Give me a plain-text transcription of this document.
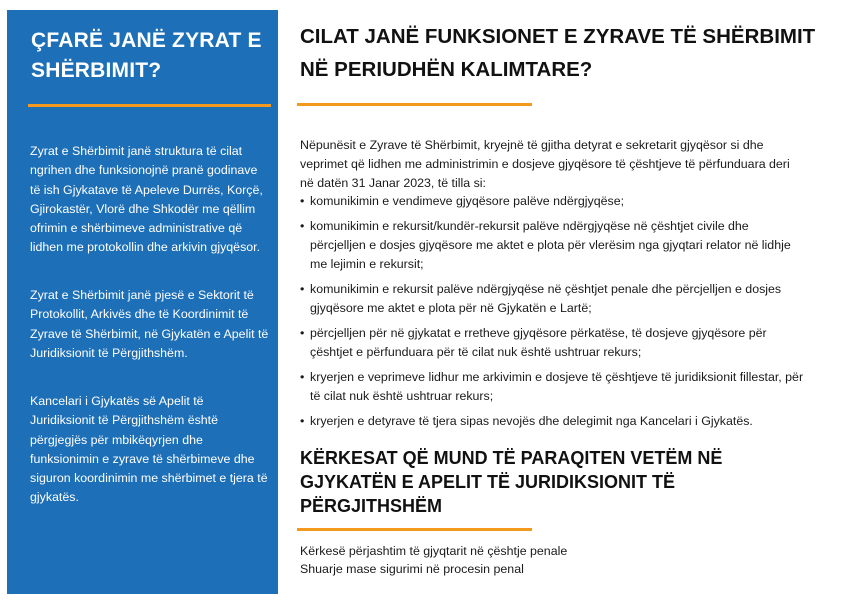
ÇFARË JANË ZYRAT E SHËRBIMIT?

Zyrat e Shërbimit janë struktura të cilat ngrihen dhe funksionojnë pranë godinave të ish Gjykatave të Apeleve Durrës, Korçë, Gjirokastër, Vlorë dhe Shkodër me qëllim ofrimin e shërbimeve administrative që lidhen me protokollin dhe arkivin gjyqësor.

Zyrat e Shërbimit janë pjesë e Sektorit të Protokollit, Arkivës dhe të Koordinimit të Zyrave të Shërbimit, në Gjykatën e Apelit të Juridiksionit të Përgjithshëm.

Kancelari i Gjykatës së Apelit të Juridiksionit të Përgjithshëm është përgjegjës për mbikëqyrjen dhe funksionimin e zyrave të shërbimeve dhe siguron koordinimin me shërbimet e tjera të gjykatës.

CILAT JANË FUNKSIONET E ZYRAVE TË SHËRBIMIT NË PERIUDHËN KALIMTARE?

Nëpunësit e Zyrave të Shërbimit, kryejnë të gjitha detyrat e sekretarit gjyqësor si dhe veprimet që lidhen me administrimin e dosjeve gjyqësore të çështjeve të përfunduara deri në datën 31 Janar 2023, të tilla si:

• komunikimin e vendimeve gjyqësore palëve ndërgjyqëse;
• komunikimin e rekursit/kundër-rekursit palëve ndërgjyqëse në çështjet civile dhe përcjelljen e dosjes gjyqësore me aktet e plota për vlerësim nga gjyqtari relator në lidhje me lejimin e rekursit;
• komunikimin e rekursit palëve ndërgjyqëse në çështjet penale dhe përcjelljen e dosjes gjyqësore me aktet e plota për në Gjykatën e Lartë;
• përcjelljen për në gjykatat e rretheve gjyqësore përkatëse, të dosjeve gjyqësore për çështjet e përfunduara për të cilat nuk është ushtruar rekurs;
• kryerjen e veprimeve lidhur me arkivimin e dosjeve të çështjeve të juridiksionit fillestar, për të cilat nuk është ushtruar rekurs;
• kryerjen e detyrave të tjera sipas nevojës dhe delegimit nga Kancelari i Gjykatës.
KËRKESAT QË MUND TË PARAQITEN VETËM NË GJYKATËN E APELIT TË JURIDIKSIONIT TË PËRGJITHSHËM

Kërkesë përjashtim të gjyqtarit në çështje penale

Shuarje mase sigurimi në procesin penal
